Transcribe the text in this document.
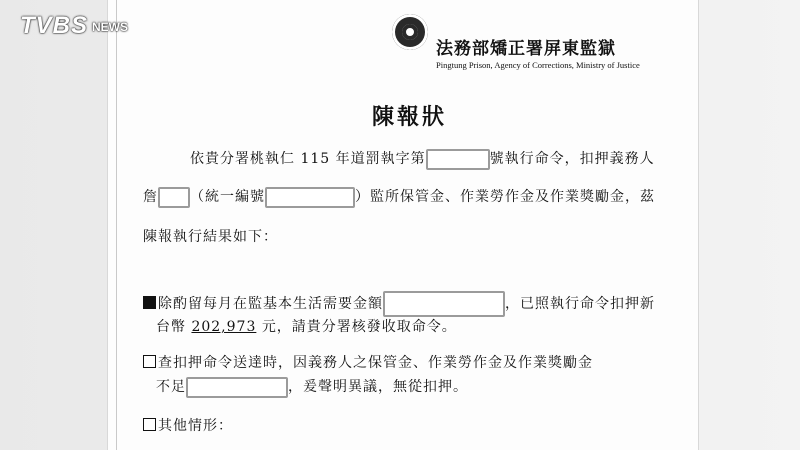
TVBS NEWS
法務部矯正署屏東監獄
Pingtung Prison, Agency of Corrections, Ministry of Justice
陳報狀
依貴分署桃執仁 115 年道罰執字第	號執行命令，扣押義務人
詹 （統一編號	）監所保管金、作業勞作金及作業獎勵金，茲
陳報執行結果如下：
除酌留每月在監基本生活需要金額	，已照執行命令扣押新
台幣 202,973 元，請貴分署核發收取命令。
查扣押命令送達時，因義務人之保管金、作業勞作金及作業獎勵金
不足	，爰聲明異議，無從扣押。
其他情形：
